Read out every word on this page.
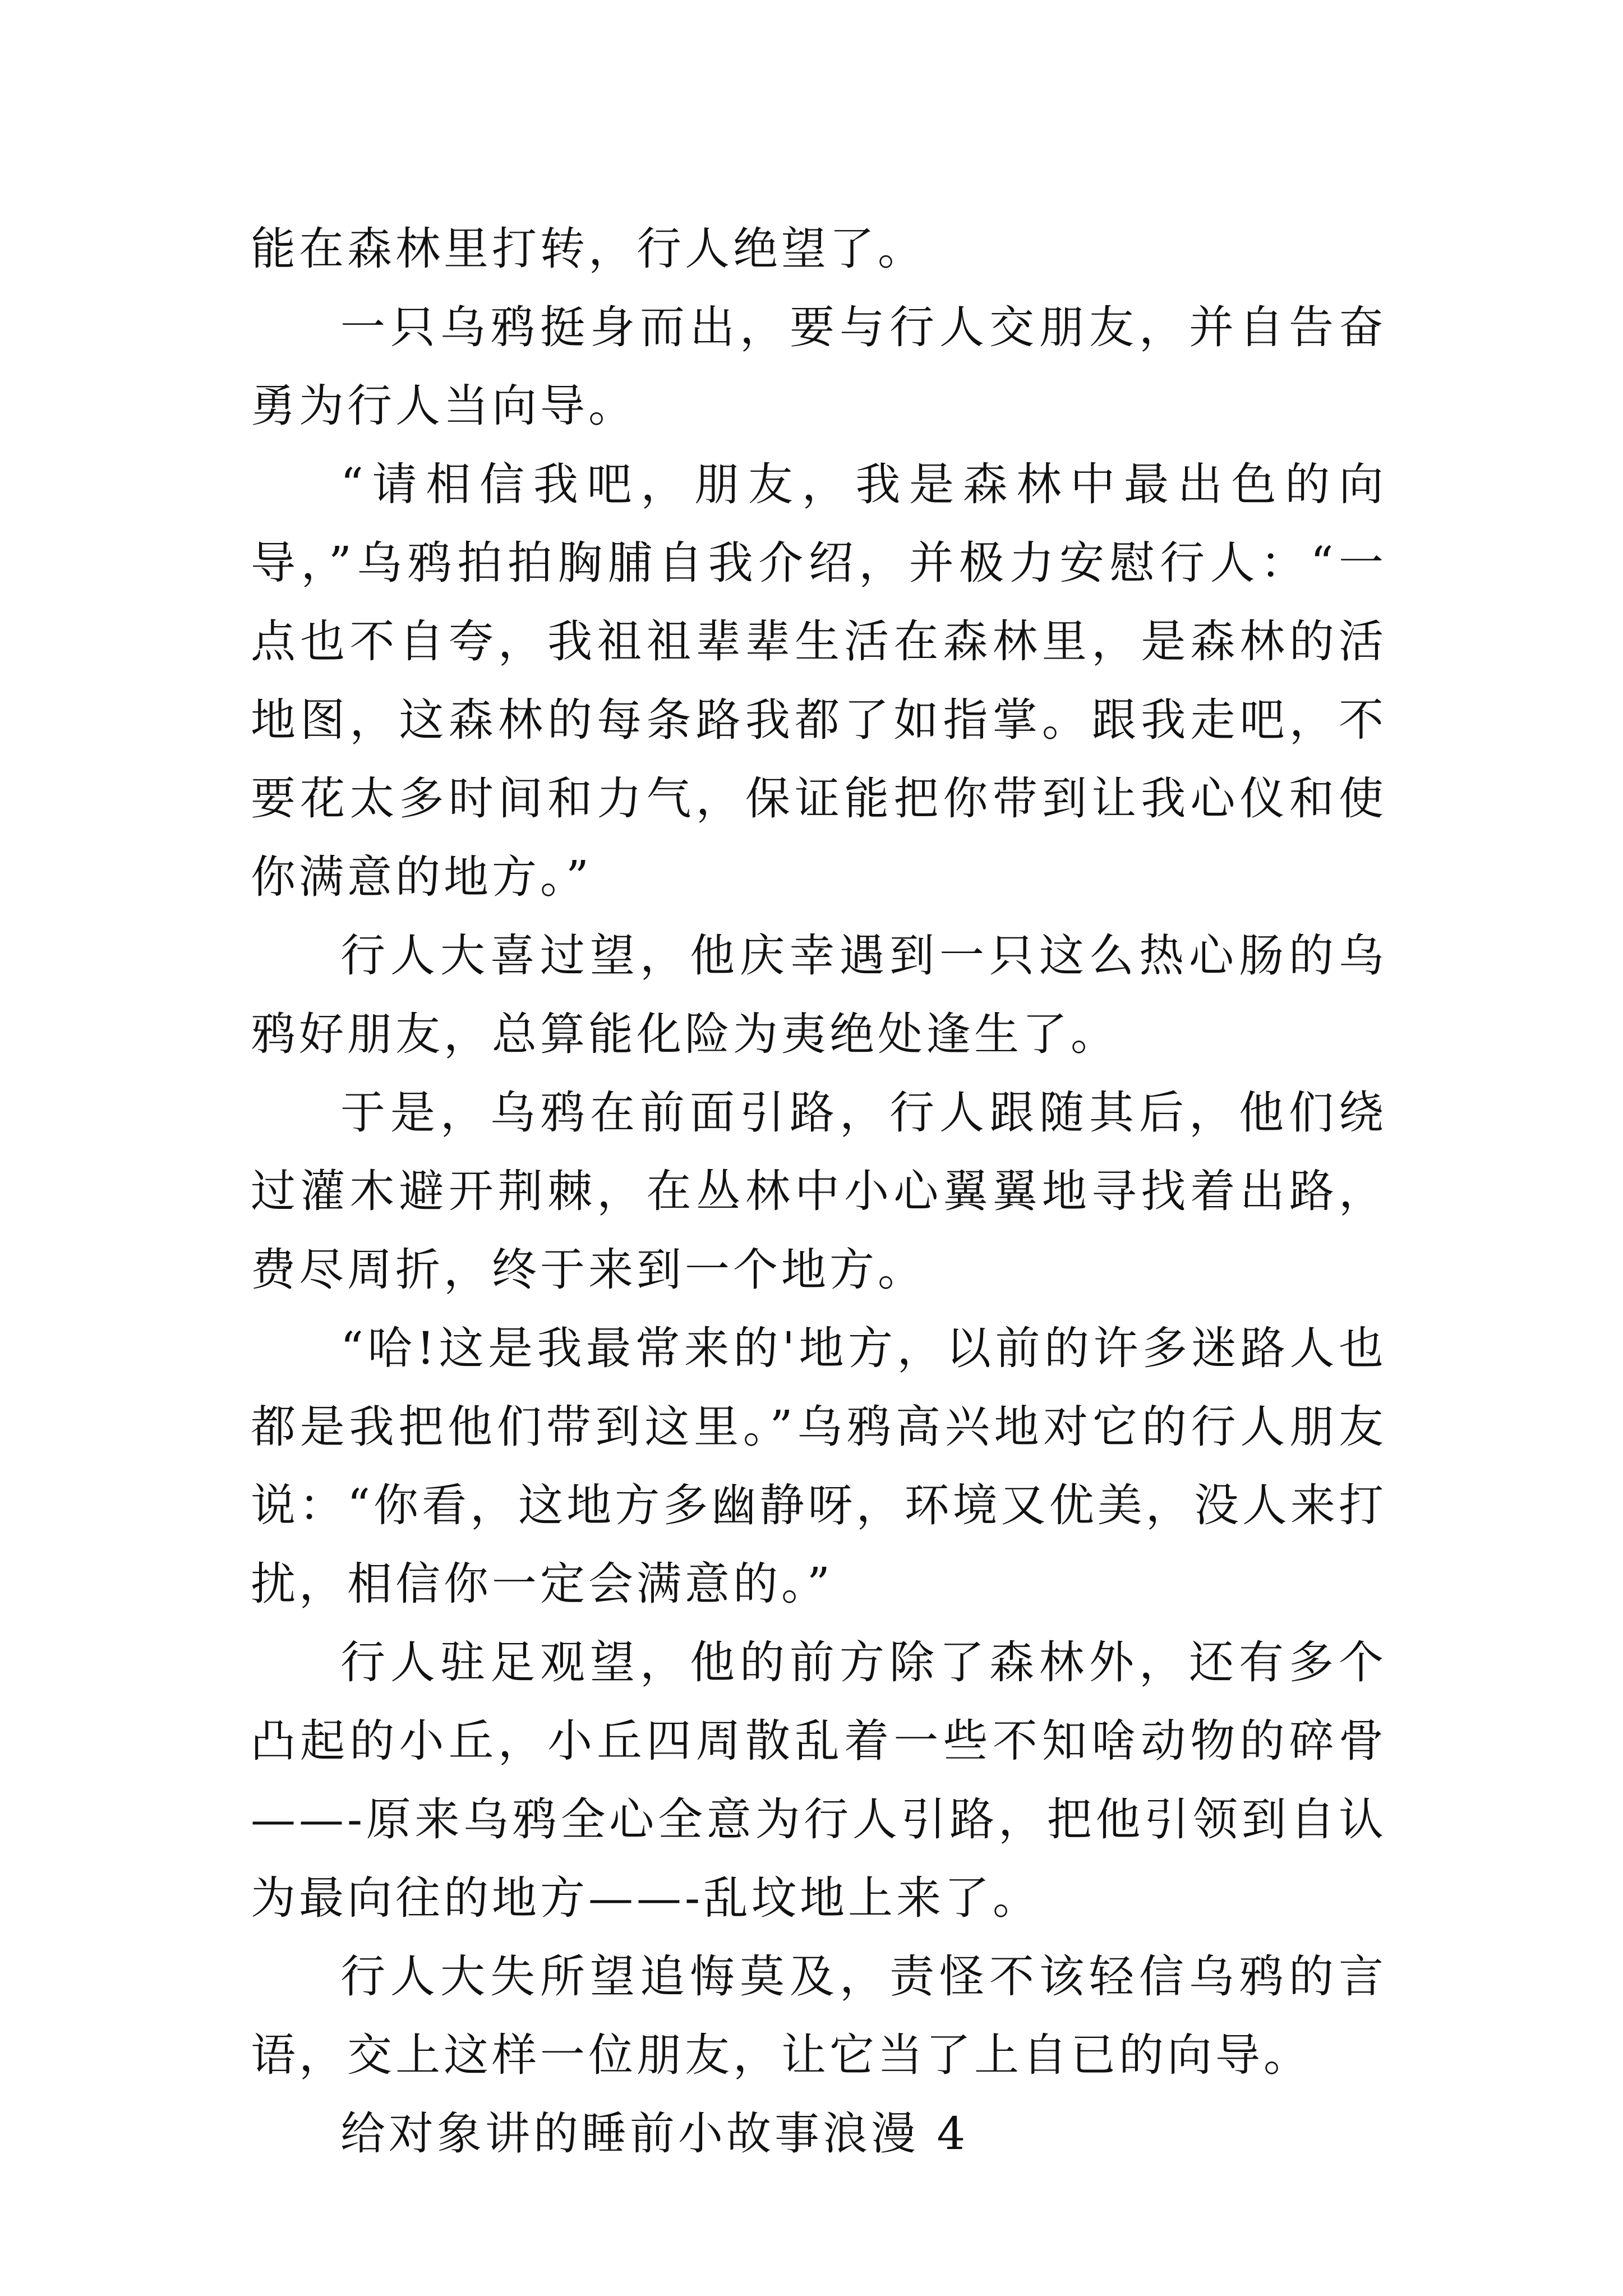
能在森林里打转，行人绝望了。

一只乌鸦挺身而出，要与行人交朋友，并自告奋勇为行人当向导。

“请相信我吧，朋友，我是森林中最出色的向导，”乌鸦拍拍胸脯自我介绍，并极力安慰行人：“一点也不自夸，我祖祖辈辈生活在森林里，是森林的活地图，这森林的每条路我都了如指掌。跟我走吧，不要花太多时间和力气，保证能把你带到让我心仪和使你满意的地方。”

行人大喜过望，他庆幸遇到一只这么热心肠的乌鸦好朋友，总算能化险为夷绝处逢生了。

于是，乌鸦在前面引路，行人跟随其后，他们绕过灌木避开荆棘，在丛林中小心翼翼地寻找着出路，费尽周折，终于来到一个地方。

“哈!这是我最常来的'地方，以前的许多迷路人也都是我把他们带到这里。”乌鸦高兴地对它的行人朋友说：“你看，这地方多幽静呀，环境又优美，没人来打扰，相信你一定会满意的。”

行人驻足观望，他的前方除了森林外，还有多个凸起的小丘，小丘四周散乱着一些不知啥动物的碎骨——-原来乌鸦全心全意为行人引路，把他引领到自认为最向往的地方——-乱坟地上来了。

行人大失所望追悔莫及，责怪不该轻信乌鸦的言语，交上这样一位朋友，让它当了上自已的向导。

给对象讲的睡前小故事浪漫 4
